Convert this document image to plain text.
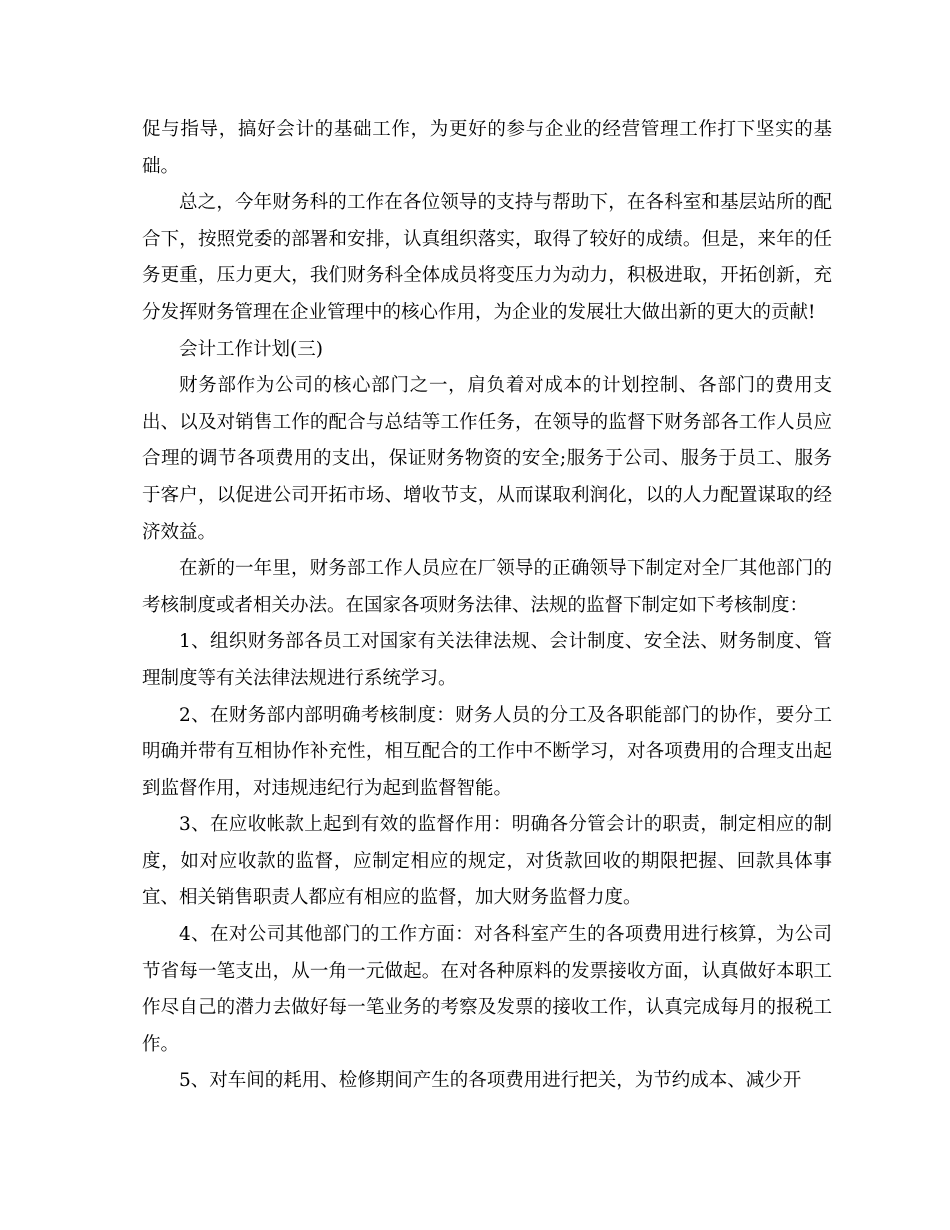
促与指导，搞好会计的基础工作，为更好的参与企业的经营管理工作打下坚实的基础。

总之，今年财务科的工作在各位领导的支持与帮助下，在各科室和基层站所的配合下，按照党委的部署和安排，认真组织落实，取得了较好的成绩。但是，来年的任务更重，压力更大，我们财务科全体成员将变压力为动力，积极进取，开拓创新，充分发挥财务管理在企业管理中的核心作用，为企业的发展壮大做出新的更大的贡献!

会计工作计划(三)

财务部作为公司的核心部门之一，肩负着对成本的计划控制、各部门的费用支出、以及对销售工作的配合与总结等工作任务，在领导的监督下财务部各工作人员应合理的调节各项费用的支出，保证财务物资的安全;服务于公司、服务于员工、服务于客户，以促进公司开拓市场、增收节支，从而谋取利润化，以的人力配置谋取的经济效益。

在新的一年里，财务部工作人员应在厂领导的正确领导下制定对全厂其他部门的考核制度或者相关办法。在国家各项财务法律、法规的监督下制定如下考核制度：

1、组织财务部各员工对国家有关法律法规、会计制度、安全法、财务制度、管理制度等有关法律法规进行系统学习。

2、在财务部内部明确考核制度：财务人员的分工及各职能部门的协作，要分工明确并带有互相协作补充性，相互配合的工作中不断学习，对各项费用的合理支出起到监督作用，对违规违纪行为起到监督智能。

3、在应收帐款上起到有效的监督作用：明确各分管会计的职责，制定相应的制度，如对应收款的监督，应制定相应的规定，对货款回收的期限把握、回款具体事宜、相关销售职责人都应有相应的监督，加大财务监督力度。

4、在对公司其他部门的工作方面：对各科室产生的各项费用进行核算，为公司节省每一笔支出，从一角一元做起。在对各种原料的发票接收方面，认真做好本职工作尽自己的潜力去做好每一笔业务的考察及发票的接收工作，认真完成每月的报税工作。

5、对车间的耗用、检修期间产生的各项费用进行把关，为节约成本、减少开
